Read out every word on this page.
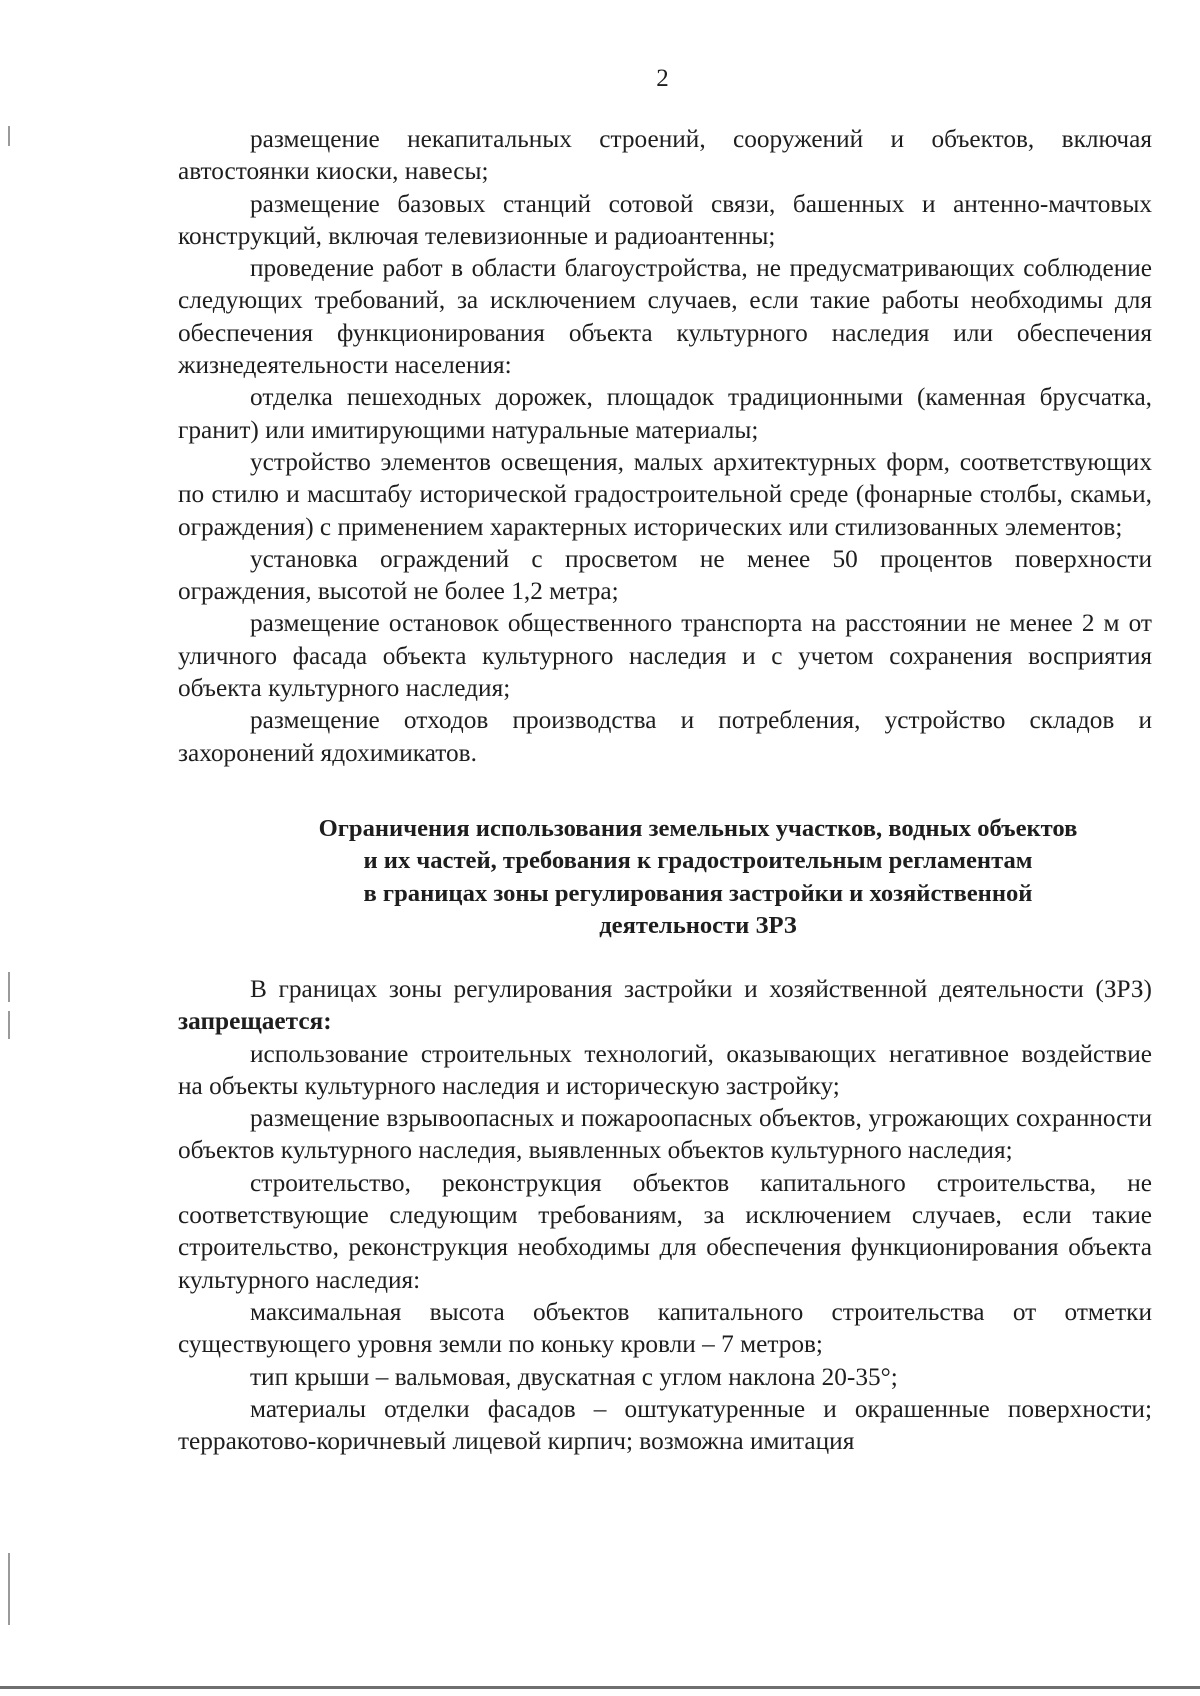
2

размещение некапитальных строений, сооружений и объектов, включая автостоянки киоски, навесы;

размещение базовых станций сотовой связи, башенных и антенно-мачтовых конструкций, включая телевизионные и радиоантенны;

проведение работ в области благоустройства, не предусматривающих соблюдение следующих требований, за исключением случаев, если такие работы необходимы для обеспечения функционирования объекта культурного наследия или обеспечения жизнедеятельности населения:

отделка пешеходных дорожек, площадок традиционными (каменная брусчатка, гранит) или имитирующими натуральные материалы;

устройство элементов освещения, малых архитектурных форм, соответствующих по стилю и масштабу исторической градостроительной среде (фонарные столбы, скамьи, ограждения) с применением характерных исторических или стилизованных элементов;

установка ограждений с просветом не менее 50 процентов поверхности ограждения, высотой не более 1,2 метра;

размещение остановок общественного транспорта на расстоянии не менее 2 м от уличного фасада объекта культурного наследия и с учетом сохранения восприятия объекта культурного наследия;

размещение отходов производства и потребления, устройство складов и захоронений ядохимикатов.

Ограничения использования земельных участков, водных объектов
и их частей, требования к градостроительным регламентам
в границах зоны регулирования застройки и хозяйственной
деятельности ЗРЗ

В границах зоны регулирования застройки и хозяйственной деятельности (ЗРЗ) запрещается:

использование строительных технологий, оказывающих негативное воздействие на объекты культурного наследия и историческую застройку;

размещение взрывоопасных и пожароопасных объектов, угрожающих сохранности объектов культурного наследия, выявленных объектов культурного наследия;

строительство, реконструкция объектов капитального строительства, не соответствующие следующим требованиям, за исключением случаев, если такие строительство, реконструкция необходимы для обеспечения функционирования объекта культурного наследия:

максимальная высота объектов капитального строительства от отметки существующего уровня земли по коньку кровли – 7 метров;

тип крыши – вальмовая, двускатная с углом наклона 20-35°;

материалы отделки фасадов – оштукатуренные и окрашенные поверхности; терракотово-коричневый лицевой кирпич; возможна имитация
